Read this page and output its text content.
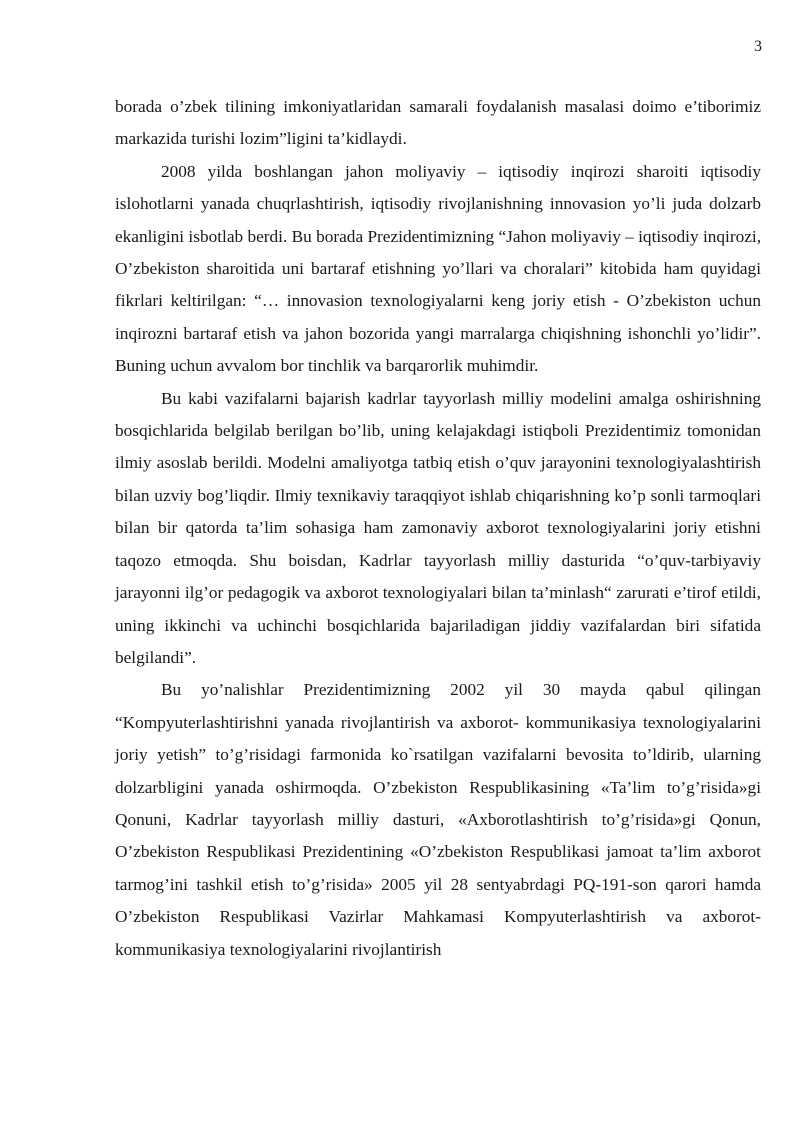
3

borada o’zbek tilining imkoniyatlaridan samarali foydalanish masalasi doimo e’tiborimiz markazida turishi lozim”ligini ta’kidlaydi.

2008 yilda boshlangan jahon moliyaviy – iqtisodiy inqirozi sharoiti iqtisodiy islohotlarni yanada chuqrlashtirish, iqtisodiy rivojlanishning innovasion yo’li juda dolzarb ekanligini isbotlab berdi. Bu borada Prezidentimizning “Jahon moliyaviy – iqtisodiy inqirozi, O’zbekiston sharoitida uni bartaraf etishning yo’llari va choralari” kitobida ham quyidagi fikrlari keltirilgan: “… innovasion texnologiyalarni keng joriy etish - O’zbekiston uchun inqirozni bartaraf etish va jahon bozorida yangi marralarga chiqishning ishonchli yo’lidir”. Buning uchun avvalom bor tinchlik va barqarorlik muhimdir.

Bu kabi vazifalarni bajarish kadrlar tayyorlash milliy modelini amalga oshirishning bosqichlarida belgilab berilgan bo’lib, uning kelajakdagi istiqboli Prezidentimiz tomonidan ilmiy asoslab berildi. Modelni amaliyotga tatbiq etish o’quv jarayonini texnologiyalashtirish bilan uzviy bog’liqdir. Ilmiy texnikaviy taraqqiyot ishlab chiqarishning ko’p sonli tarmoqlari bilan bir qatorda ta’lim sohasiga ham zamonaviy axborot texnologiyalarini joriy etishni taqozo etmoqda. Shu boisdan, Kadrlar tayyorlash milliy dasturida “o’quv-tarbiyaviy jarayonni ilg’or pedagogik va axborot texnologiyalari bilan ta’minlash“ zarurati e’tirof etildi, uning ikkinchi va uchinchi bosqichlarida bajariladigan jiddiy vazifalardan biri sifatida belgilandi”.

Bu yo’nalishlar Prezidentimizning 2002 yil 30 mayda qabul qilingan “Kompyuterlashtirishni yanada rivojlantirish va axborot- kommunikasiya texnologiyalarini joriy yetish” to’g’risidagi farmonida ko`rsatilgan vazifalarni bevosita to’ldirib, ularning dolzarbligini yanada oshirmoqda. O’zbekiston Respublikasining «Ta’lim to’g’risida»gi Qonuni, Kadrlar tayyorlash milliy dasturi, «Axborotlashtirish to’g’risida»gi Qonun, O’zbekiston Respublikasi Prezidentining «O’zbekiston Respublikasi jamoat ta’lim axborot tarmog’ini tashkil etish to’g’risida» 2005 yil 28 sentyabrdagi PQ-191-son qarori hamda O’zbekiston Respublikasi Vazirlar Mahkamasi Kompyuterlashtirish va axborot-kommunikasiya texnologiyalarini rivojlantirish
